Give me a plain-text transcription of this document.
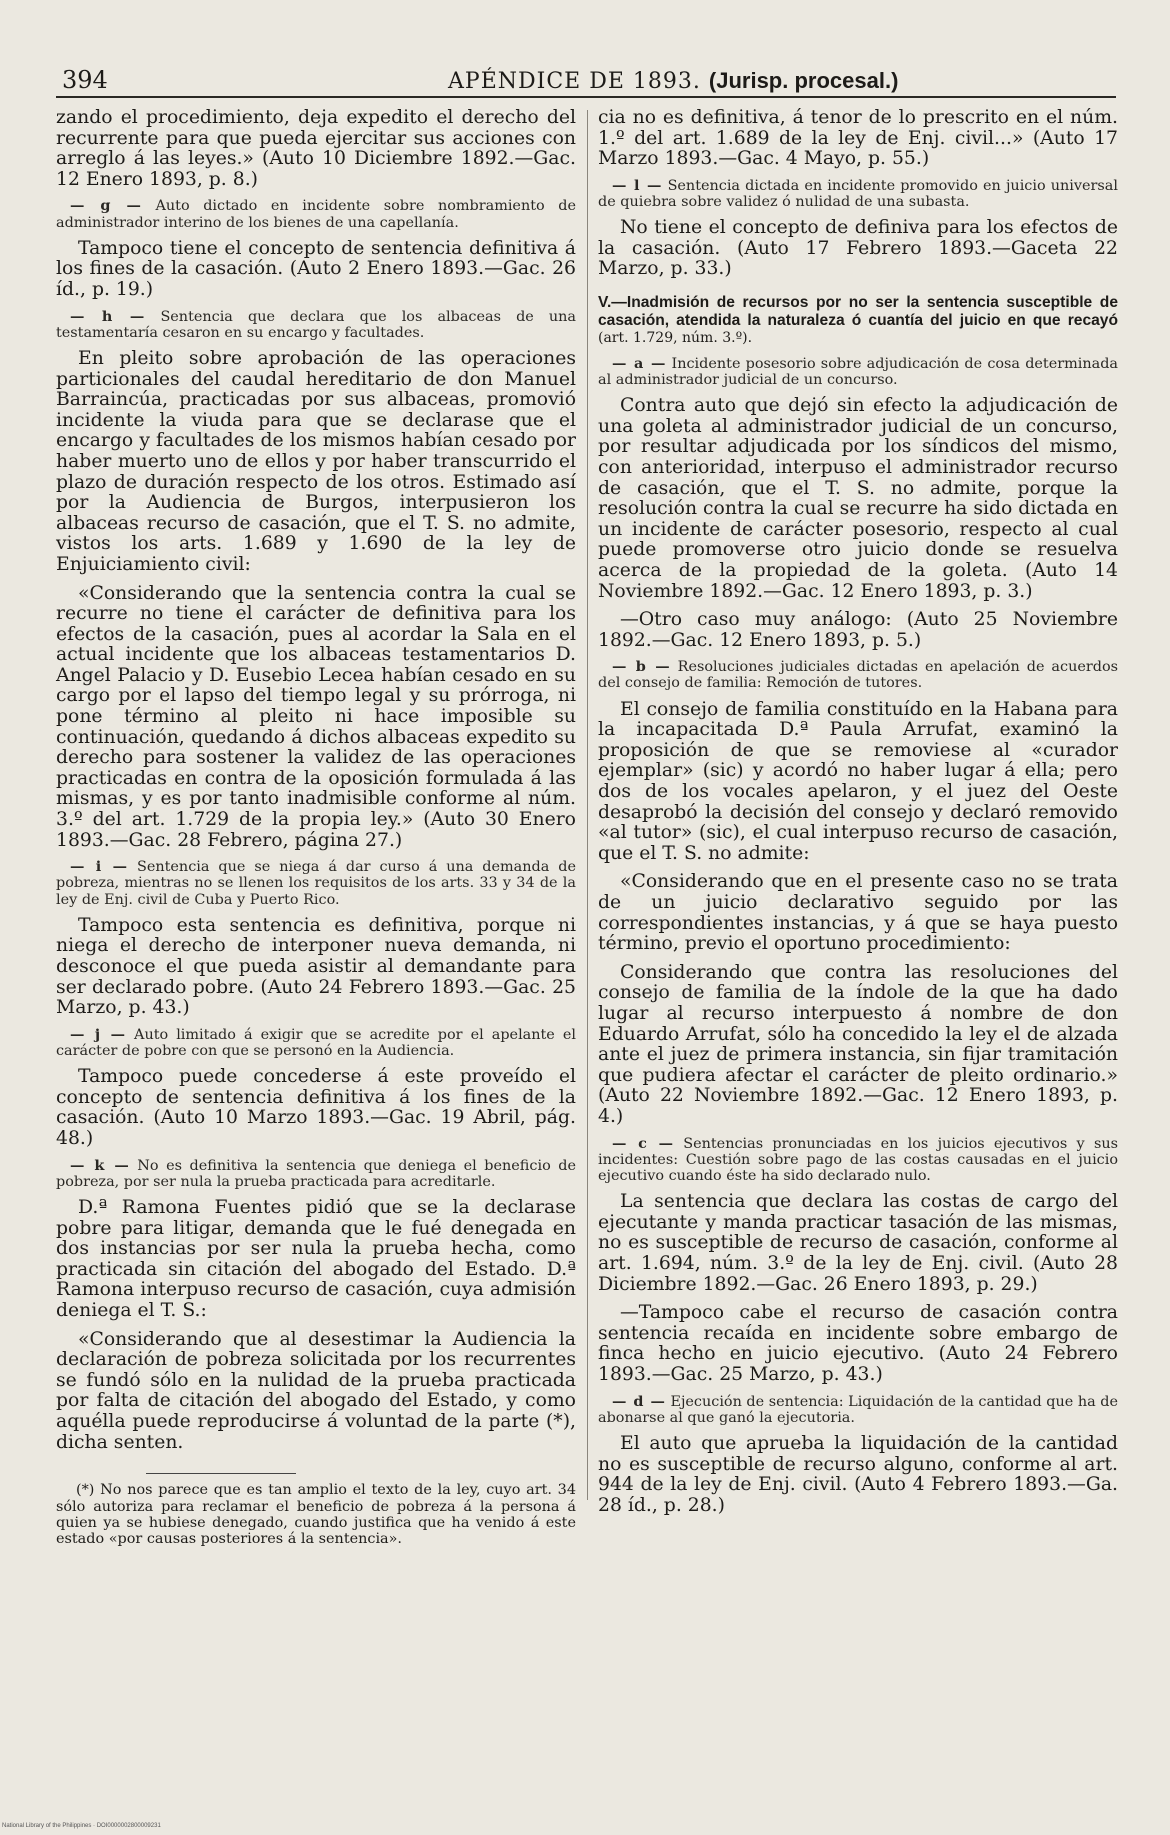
394	APÉNDICE DE 1893. (Jurisp. procesal.)

zando el procedimiento, deja expedito el derecho del recurrente para que pueda ejercitar sus acciones con arreglo á las leyes.» (Auto 10 Diciembre 1892.—Gac. 12 Enero 1893, p. 8.)

— g — Auto dictado en incidente sobre nombramiento de administrador interino de los bienes de una capellanía.

Tampoco tiene el concepto de sentencia definitiva á los fines de la casación. (Auto 2 Enero 1893.—Gac. 26 íd., p. 19.)

— h — Sentencia que declara que los albaceas de una testamentaría cesaron en su encargo y facultades.

En pleito sobre aprobación de las operaciones particionales del caudal hereditario de don Manuel Barraincúa, practicadas por sus albaceas, promovió incidente la viuda para que se declarase que el encargo y facultades de los mismos habían cesado por haber muerto uno de ellos y por haber transcurrido el plazo de duración respecto de los otros. Estimado así por la Audiencia de Burgos, interpusieron los albaceas recurso de casación, que el T. S. no admite, vistos los arts. 1.689 y 1.690 de la ley de Enjuiciamiento civil:

«Considerando que la sentencia contra la cual se recurre no tiene el carácter de definitiva para los efectos de la casación, pues al acordar la Sala en el actual incidente que los albaceas testamentarios D. Angel Palacio y D. Eusebio Lecea habían cesado en su cargo por el lapso del tiempo legal y su prórroga, ni pone término al pleito ni hace imposible su continuación, quedando á dichos albaceas expedito su derecho para sostener la validez de las operaciones practicadas en contra de la oposición formulada á las mismas, y es por tanto inadmisible conforme al núm. 3.º del art. 1.729 de la propia ley.» (Auto 30 Enero 1893.—Gac. 28 Febrero, página 27.)

— i — Sentencia que se niega á dar curso á una demanda de pobreza, mientras no se llenen los requisitos de los arts. 33 y 34 de la ley de Enj. civil de Cuba y Puerto Rico.

Tampoco esta sentencia es definitiva, porque ni niega el derecho de interponer nueva demanda, ni desconoce el que pueda asistir al demandante para ser declarado pobre. (Auto 24 Febrero 1893.—Gac. 25 Marzo, p. 43.)

— j — Auto limitado á exigir que se acredite por el apelante el carácter de pobre con que se personó en la Audiencia.

Tampoco puede concederse á este proveído el concepto de sentencia definitiva á los fines de la casación. (Auto 10 Marzo 1893.—Gac. 19 Abril, pág. 48.)

— k — No es definitiva la sentencia que deniega el beneficio de pobreza, por ser nula la prueba practicada para acreditarle.

D.ª Ramona Fuentes pidió que se la declarase pobre para litigar, demanda que le fué denegada en dos instancias por ser nula la prueba hecha, como practicada sin citación del abogado del Estado. D.ª Ramona interpuso recurso de casación, cuya admisión deniega el T. S.:

«Considerando que al desestimar la Audiencia la declaración de pobreza solicitada por los recurrentes se fundó sólo en la nulidad de la prueba practicada por falta de citación del abogado del Estado, y como aquélla puede reproducirse á voluntad de la parte (*), dicha senten.

(*) No nos parece que es tan amplio el texto de la ley, cuyo art. 34 sólo autoriza para reclamar el beneficio de pobreza á la persona á quien ya se hubiese denegado, cuando justifica que ha venido á este estado «por causas posteriores á la sentencia».

cia no es definitiva, á tenor de lo prescrito en el núm. 1.º del art. 1.689 de la ley de Enj. civil...» (Auto 17 Marzo 1893.—Gac. 4 Mayo, p. 55.)

— l — Sentencia dictada en incidente promovido en juicio universal de quiebra sobre validez ó nulidad de una subasta.

No tiene el concepto de definiva para los efectos de la casación. (Auto 17 Febrero 1893.—Gaceta 22 Marzo, p. 33.)

V.—Inadmisión de recursos por no ser la sentencia susceptible de casación, atendida la naturaleza ó cuantía del juicio en que recayó (art. 1.729, núm. 3.º).

— a — Incidente posesorio sobre adjudicación de cosa determinada al administrador judicial de un concurso.

Contra auto que dejó sin efecto la adjudicación de una goleta al administrador judicial de un concurso, por resultar adjudicada por los síndicos del mismo, con anterioridad, interpuso el administrador recurso de casación, que el T. S. no admite, porque la resolución contra la cual se recurre ha sido dictada en un incidente de carácter posesorio, respecto al cual puede promoverse otro juicio donde se resuelva acerca de la propiedad de la goleta. (Auto 14 Noviembre 1892.—Gac. 12 Enero 1893, p. 3.)

—Otro caso muy análogo: (Auto 25 Noviembre 1892.—Gac. 12 Enero 1893, p. 5.)

— b — Resoluciones judiciales dictadas en apelación de acuerdos del consejo de familia: Remoción de tutores.

El consejo de familia constituído en la Habana para la incapacitada D.ª Paula Arrufat, examinó la proposición de que se removiese al «curador ejemplar» (sic) y acordó no haber lugar á ella; pero dos de los vocales apelaron, y el juez del Oeste desaprobó la decisión del consejo y declaró removido «al tutor» (sic), el cual interpuso recurso de casación, que el T. S. no admite:

«Considerando que en el presente caso no se trata de un juicio declarativo seguido por las correspondientes instancias, y á que se haya puesto término, previo el oportuno procedimiento:

Considerando que contra las resoluciones del consejo de familia de la índole de la que ha dado lugar al recurso interpuesto á nombre de don Eduardo Arrufat, sólo ha concedido la ley el de alzada ante el juez de primera instancia, sin fijar tramitación que pudiera afectar el carácter de pleito ordinario.» (Auto 22 Noviembre 1892.—Gac. 12 Enero 1893, p. 4.)

— c — Sentencias pronunciadas en los juicios ejecutivos y sus incidentes: Cuestión sobre pago de las costas causadas en el juicio ejecutivo cuando éste ha sido declarado nulo.

La sentencia que declara las costas de cargo del ejecutante y manda practicar tasación de las mismas, no es susceptible de recurso de casación, conforme al art. 1.694, núm. 3.º de la ley de Enj. civil. (Auto 28 Diciembre 1892.—Gac. 26 Enero 1893, p. 29.)

—Tampoco cabe el recurso de casación contra sentencia recaída en incidente sobre embargo de finca hecho en juicio ejecutivo. (Auto 24 Febrero 1893.—Gac. 25 Marzo, p. 43.)

— d — Ejecución de sentencia: Liquidación de la cantidad que ha de abonarse al que ganó la ejecutoria.

El auto que aprueba la liquidación de la cantidad no es susceptible de recurso alguno, conforme al art. 944 de la ley de Enj. civil. (Auto 4 Febrero 1893.—Ga. 28 íd., p. 28.)

National Library of the Philippines · DOI0000002800009231
